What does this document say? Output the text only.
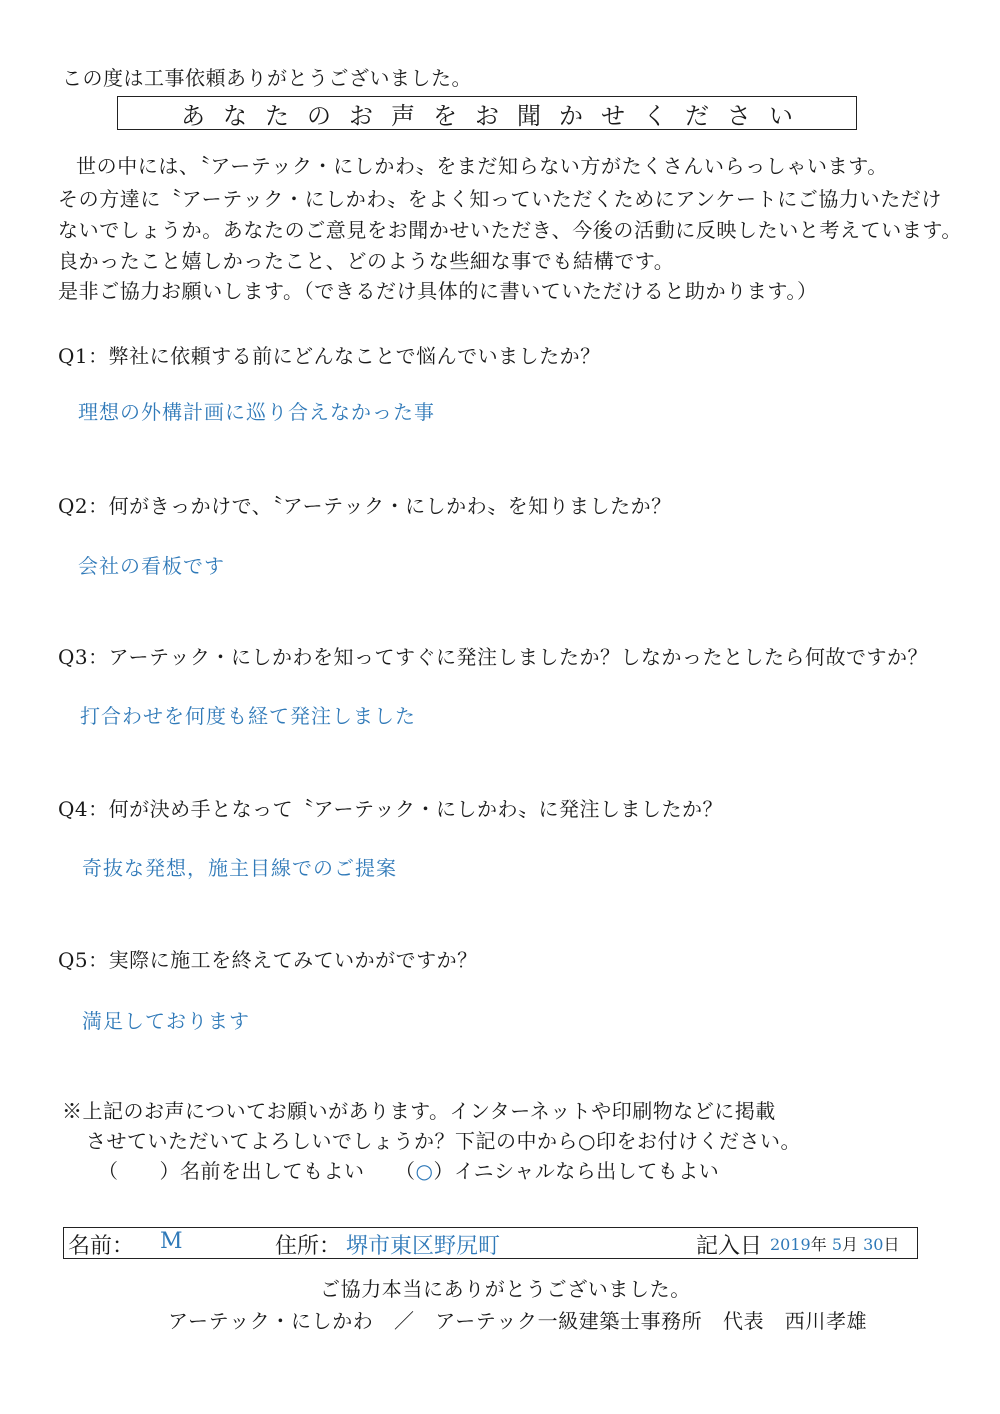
この度は工事依頼ありがとうございました。
あなたのお声をお聞かせください
世の中には、〝アーテック・にしかわ〟をまだ知らない方がたくさんいらっしゃいます。
その方達に〝アーテック・にしかわ〟をよく知っていただくためにアンケートにご協力いただけ
ないでしょうか。あなたのご意見をお聞かせいただき、今後の活動に反映したいと考えています。
良かったこと嬉しかったこと、どのような些細な事でも結構です。
是非ご協力お願いします。（できるだけ具体的に書いていただけると助かります。）
Q1：弊社に依頼する前にどんなことで悩んでいましたか？
理想の外構計画に巡り合えなかった事
Q2：何がきっかけで、〝アーテック・にしかわ〟を知りましたか？
会社の看板です
Q3：アーテック・にしかわを知ってすぐに発注しましたか？しなかったとしたら何故ですか？
打合わせを何度も経て発注しました
Q4：何が決め手となって〝アーテック・にしかわ〟に発注しましたか？
奇抜な発想，施主目線でのご提案
Q5：実際に施工を終えてみていかがですか？
満足しております
※上記のお声についてお願いがあります。インターネットや印刷物などに掲載
させていただいてよろしいでしょうか？下記の中から○印をお付けください。
（　　）名前を出してもよい （○）イニシャルなら出してもよい
名前： M	住所： 堺市東区野尻町	記入日 2019年 5月 30日
ご協力本当にありがとうございました。
アーテック・にしかわ　／　アーテック一級建築士事務所　代表　西川孝雄
